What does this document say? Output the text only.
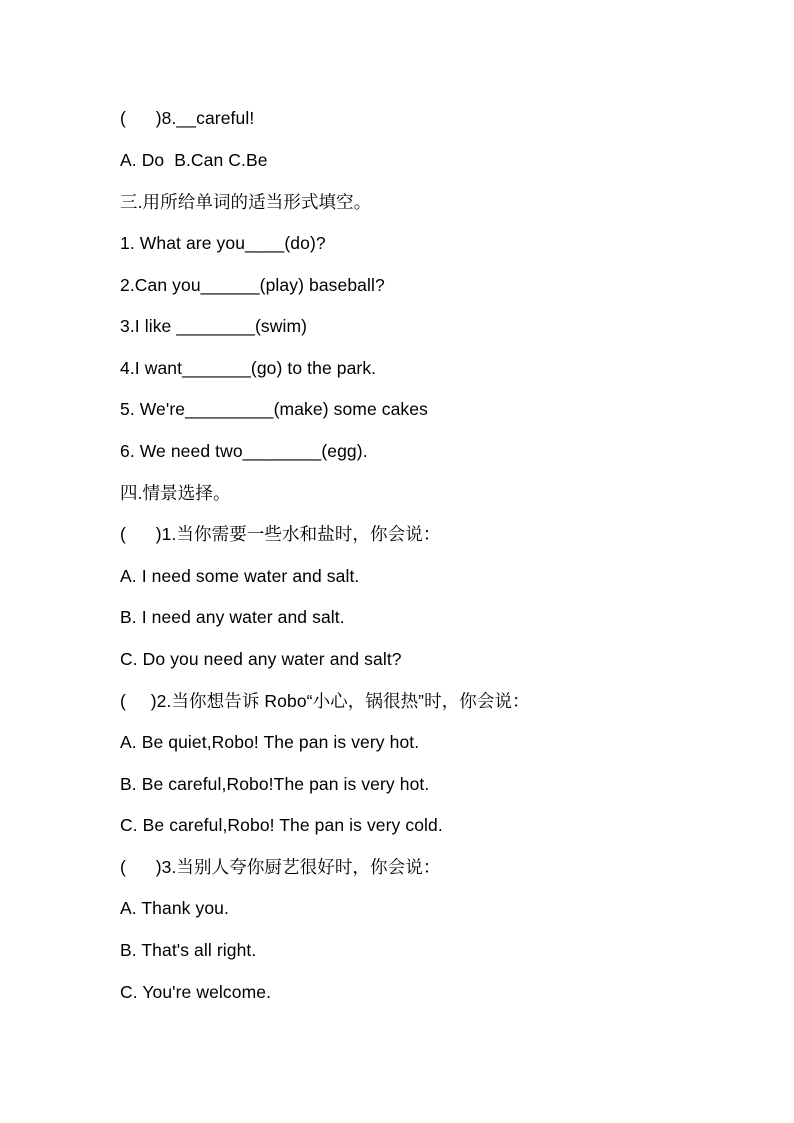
(      )8.__careful!
A. Do  B.Can C.Be
三.用所给单词的适当形式填空。
1. What are you____(do)?
2.Can you______(play) baseball?
3.I like ________(swim)
4.I want_______(go) to the park.
5. We're_________(make) some cakes
6. We need two________(egg).
四.情景选择。
(      )1.当你需要一些水和盐时，你会说：
A. I need some water and salt.
B. I need any water and salt.
C. Do you need any water and salt?
(     )2.当你想告诉 Robo“小心，锅很热”时，你会说：
A. Be quiet,Robo! The pan is very hot.
B. Be careful,Robo!The pan is very hot.
C. Be careful,Robo! The pan is very cold.
(      )3.当别人夸你厨艺很好时，你会说：
A. Thank you.
B. That's all right.
C. You're welcome.
